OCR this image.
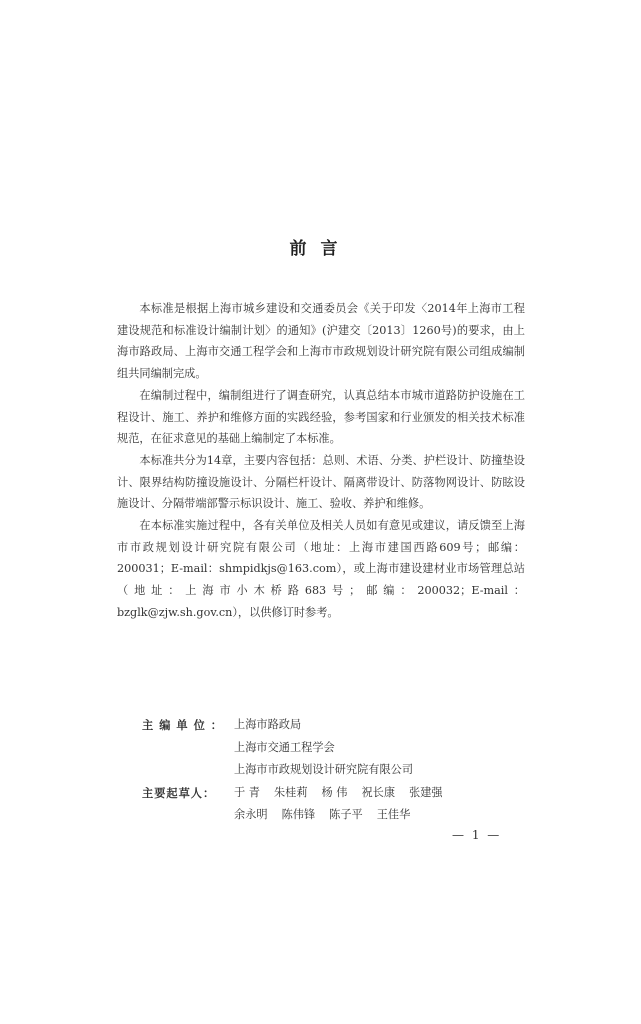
前言

本标准是根据上海市城乡建设和交通委员会《关于印发〈2014年上海市工程建设规范和标准设计编制计划〉的通知》(沪建交〔2013〕1260号)的要求，由上海市路政局、上海市交通工程学会和上海市市政规划设计研究院有限公司组成编制组共同编制完成。

在编制过程中，编制组进行了调查研究，认真总结本市城市道路防护设施在工程设计、施工、养护和维修方面的实践经验，参考国家和行业颁发的相关技术标准规范，在征求意见的基础上编制定了本标准。

本标准共分为14章，主要内容包括：总则、术语、分类、护栏设计、防撞垫设计、限界结构防撞设施设计、分隔栏杆设计、隔离带设计、防落物网设计、防眩设施设计、分隔带端部警示标识设计、施工、验收、养护和维修。

在本标准实施过程中，各有关单位及相关人员如有意见或建议，请反馈至上海市市政规划设计研究院有限公司（地址：上海市建国西路609号；邮编：200031；E-mail：shmpidkjs@163.com），或上海市建设建材业市场管理总站（地址：上海市小木桥路683号；邮编：200032；E-mail：bzglk@zjw.sh.gov.cn），以供修订时参考。

主编单位： 上海市路政局
上海市交通工程学会
上海市市政规划设计研究院有限公司
主要起草人：	于 青 朱桂莉 杨 伟 祝长康 张建强
余永明 陈伟锋 陈子平 王佳华
— 1 —
